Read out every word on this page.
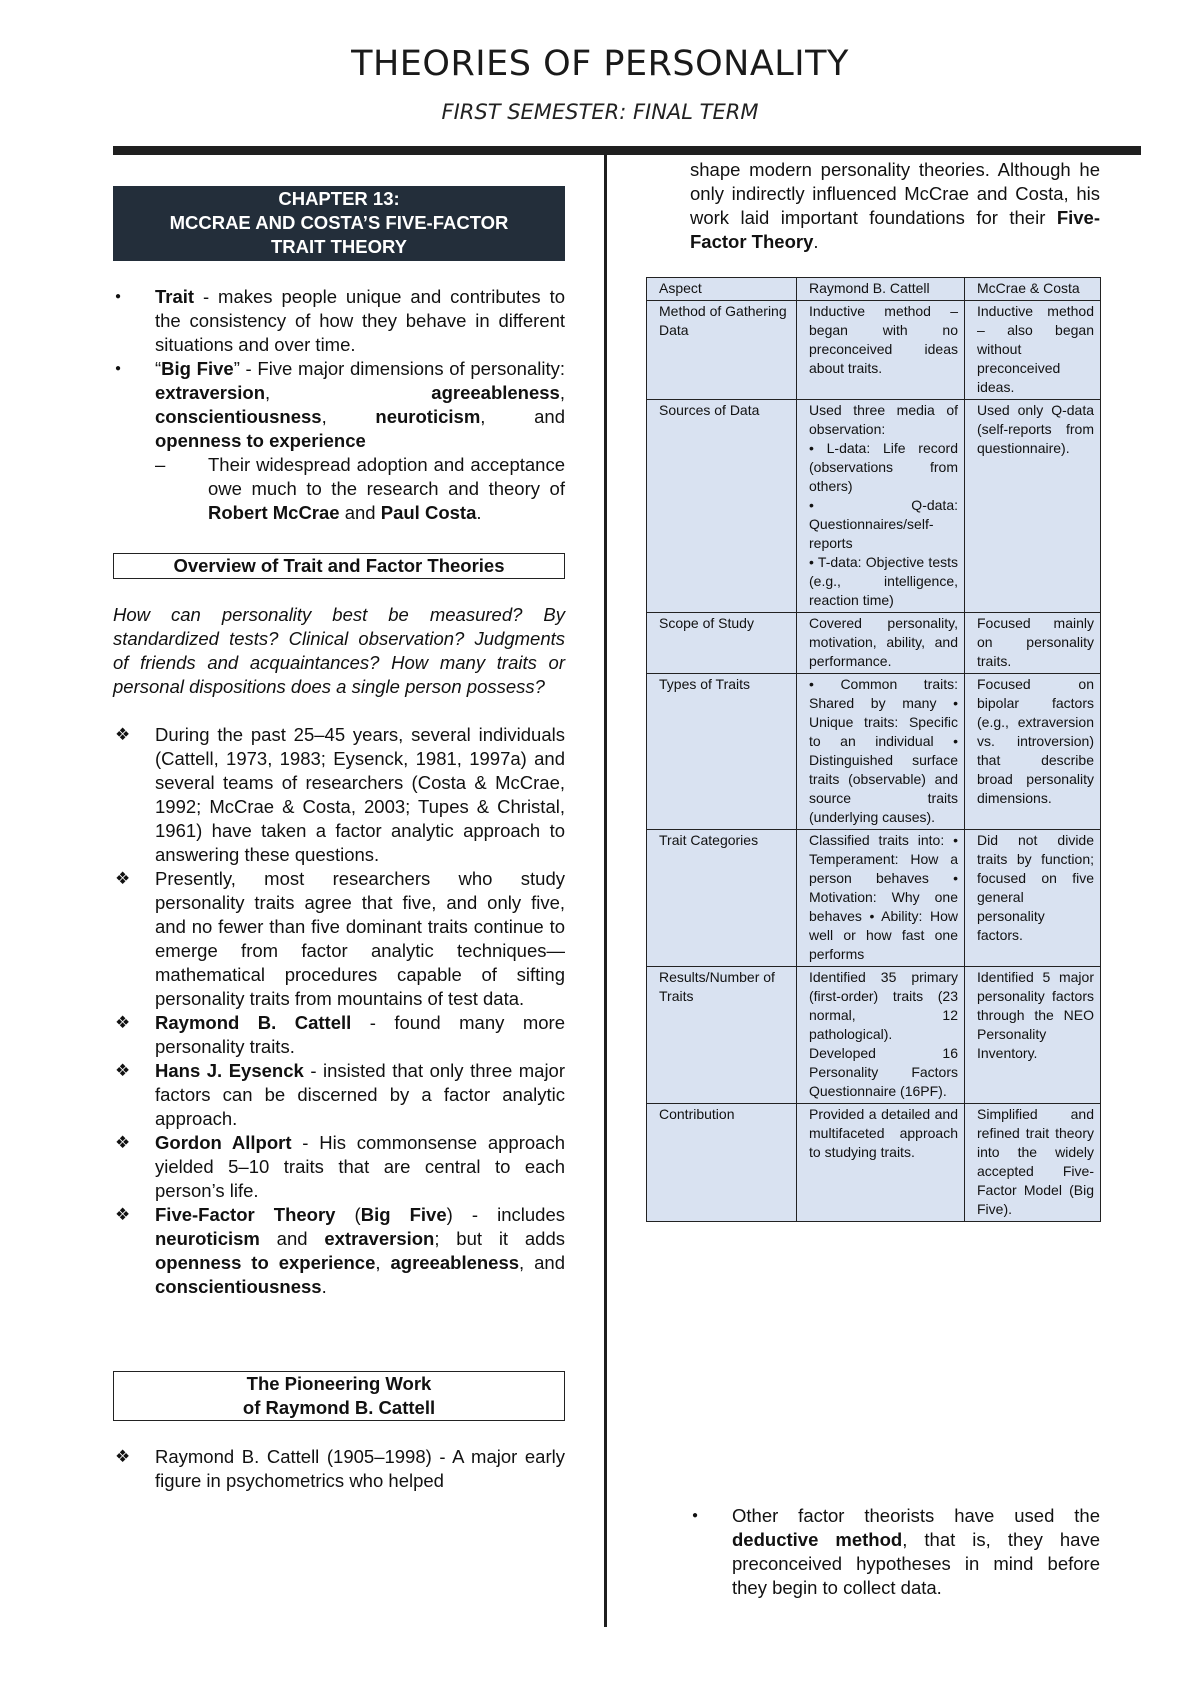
THEORIES OF PERSONALITY
FIRST SEMESTER: FINAL TERM
CHAPTER 13:
MCCRAE AND COSTA’S FIVE-FACTOR
TRAIT THEORY
● Trait - makes people unique and contributes to the consistency of how they behave in different situations and over time.
● “Big Five” - Five major dimensions of personality: extraversion, agreeableness, conscientiousness, neuroticism, and openness to experience
– Their widespread adoption and acceptance owe much to the research and theory of Robert McCrae and Paul Costa.
Overview of Trait and Factor Theories

How can personality best be measured? By standardized tests? Clinical observation? Judgments of friends and acquaintances? How many traits or personal dispositions does a single person possess?

❖ During the past 25–45 years, several individuals (Cattell, 1973, 1983; Eysenck, 1981, 1997a) and several teams of researchers (Costa & McCrae, 1992; McCrae & Costa, 2003; Tupes & Christal, 1961) have taken a factor analytic approach to answering these questions.
❖ Presently, most researchers who study personality traits agree that five, and only five, and no fewer than five dominant traits continue to emerge from factor analytic techniques—mathematical procedures capable of sifting personality traits from mountains of test data.
❖ Raymond B. Cattell - found many more personality traits.
❖ Hans J. Eysenck - insisted that only three major factors can be discerned by a factor analytic approach.
❖ Gordon Allport - His commonsense approach yielded 5–10 traits that are central to each person’s life.
❖ Five-Factor Theory (Big Five) - includes neuroticism and extraversion; but it adds openness to experience, agreeableness, and conscientiousness.
The Pioneering Work
of Raymond B. Cattell
❖ Raymond B. Cattell (1905–1998) - A major early figure in psychometrics who helped

shape modern personality theories. Although he only indirectly influenced McCrae and Costa, his work laid important foundations for their Five-Factor Theory.

Aspect	Raymond B. Cattell	McCrae & Costa
Method of Gathering Data	Inductive method – began with no preconceived ideas about traits.	Inductive method – also began without preconceived ideas.
Sources of Data	Used three media of observation:
• L-data: Life record (observations from others)
• Q-data: Questionnaires/self-reports
• T-data: Objective tests (e.g., intelligence, reaction time)	Used only Q-data (self-reports from questionnaire).
Scope of Study	Covered personality, motivation, ability, and performance.	Focused mainly on personality traits.
Types of Traits	• Common traits: Shared by many • Unique traits: Specific to an individual • Distinguished surface traits (observable) and source traits (underlying causes).	Focused on bipolar factors (e.g., extraversion vs. introversion) that describe broad personality dimensions.
Trait Categories	Classified traits into: • Temperament: How a person behaves • Motivation: Why one behaves • Ability: How well or how fast one performs	Did not divide traits by function; focused on five general personality factors.
Results/Number of Traits	Identified 35 primary (first-order) traits (23 normal, 12 pathological). Developed 16 Personality Factors Questionnaire (16PF).	Identified 5 major personality factors through the NEO Personality Inventory.
Contribution	Provided a detailed and multifaceted approach to studying traits.	Simplified and refined trait theory into the widely accepted Five-Factor Model (Big Five).
● Other factor theorists have used the deductive method, that is, they have preconceived hypotheses in mind before they begin to collect data.
